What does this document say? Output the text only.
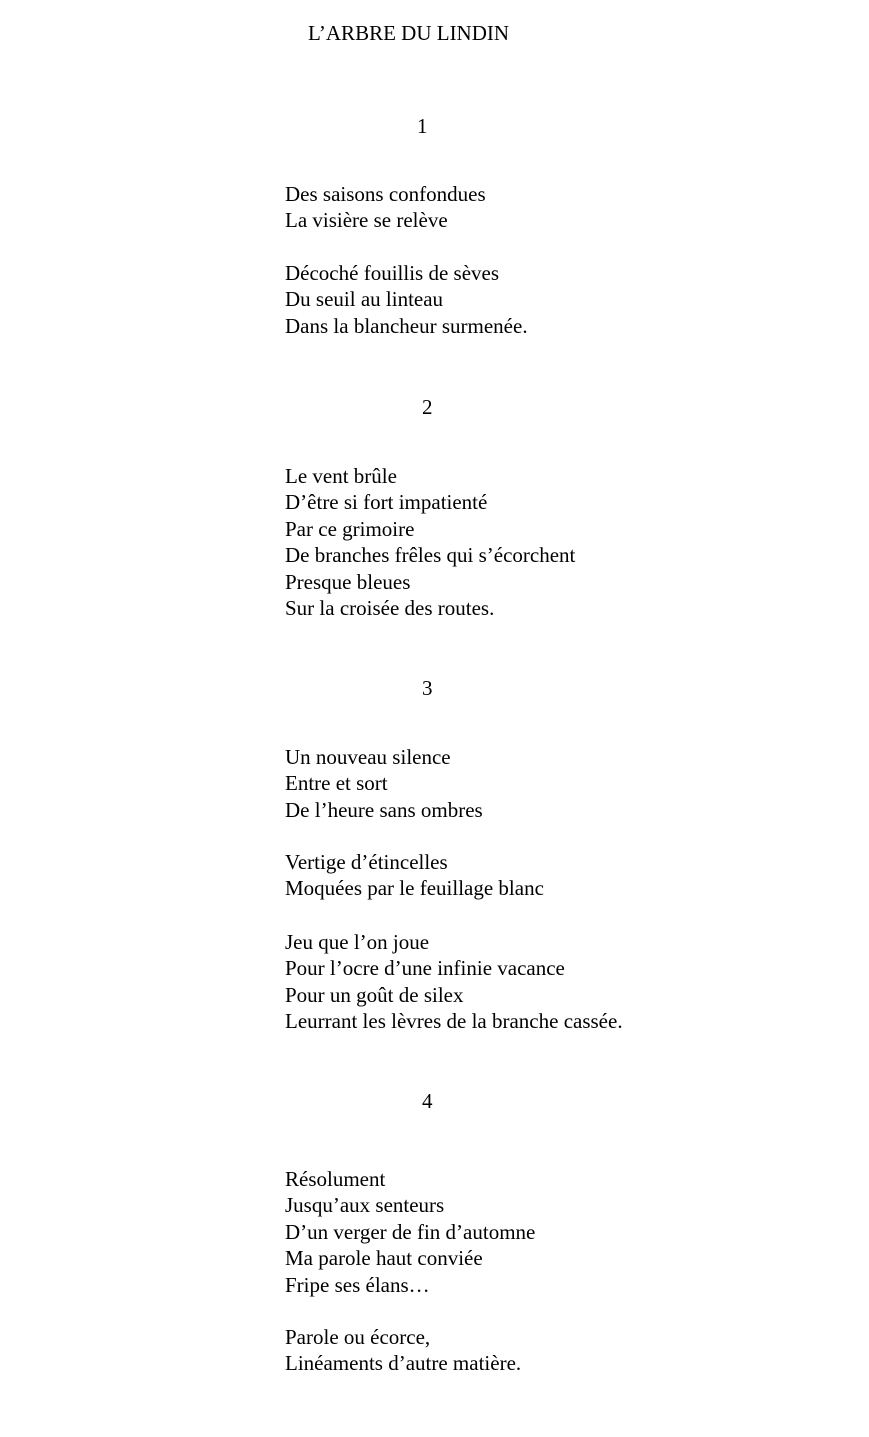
L’ARBRE DU LINDIN
1
Des saisons confondues
La visière se relève
Décoché fouillis de sèves
Du seuil au linteau
Dans la blancheur surmenée.
2
Le vent brûle
D’être si fort impatienté
Par ce grimoire
De branches frêles qui s’écorchent
Presque bleues
Sur la croisée des routes.
3
Un nouveau silence
Entre et sort
De l’heure sans ombres
Vertige d’étincelles
Moquées par le feuillage blanc
Jeu que l’on joue
Pour l’ocre d’une infinie vacance
Pour un goût de silex
Leurrant les lèvres de la branche cassée.
4
Résolument
Jusqu’aux senteurs
D’un verger de fin d’automne
Ma parole haut conviée
Fripe ses élans…
Parole ou écorce,
Linéaments d’autre matière.
